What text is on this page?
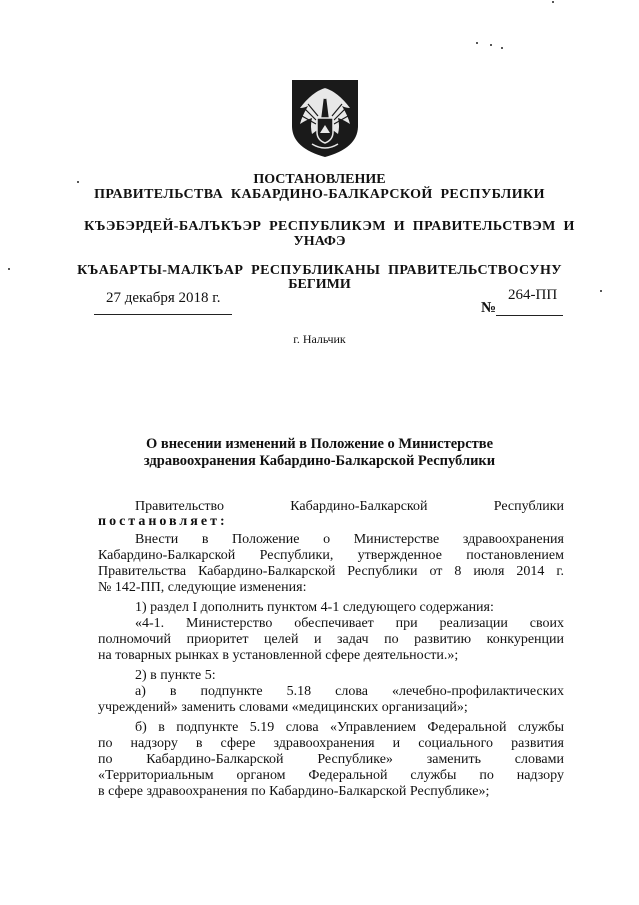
ПОСТАНОВЛЕНИЕ
ПРАВИТЕЛЬСТВА  КАБАРДИНО-БАЛКАРСКОЙ  РЕСПУБЛИКИ
КЪЭБЭРДЕЙ-БАЛЪКЪЭР  РЕСПУБЛИКЭМ  И  ПРАВИТЕЛЬСТВЭМ  И
УНАФЭ
КЪАБАРТЫ-МАЛКЪАР  РЕСПУБЛИКАНЫ  ПРАВИТЕЛЬСТВОСУНУ
БЕГИМИ
27 декабря 2018 г.
№
264-ПП
г. Нальчик
О внесении изменений в Положение о Министерстве
здравоохранения Кабардино-Балкарской Республики
Правительство Кабардино-Балкарской Республики
постановляет:
Внести в Положение о Министерстве здравоохранения
Кабардино-Балкарской Республики, утвержденное постановлением
Правительства Кабардино-Балкарской Республики от 8 июля 2014 г.
№ 142-ПП, следующие изменения:
1) раздел I дополнить пунктом 4-1 следующего содержания:
«4-1. Министерство обеспечивает при реализации своих
полномочий приоритет целей и задач по развитию конкуренции
на товарных рынках в установленной сфере деятельности.»;
2) в пункте 5:
а) в подпункте 5.18 слова «лечебно-профилактических
учреждений» заменить словами «медицинских организаций»;
б) в подпункте 5.19 слова «Управлением Федеральной службы
по надзору в сфере здравоохранения и социального развития
по Кабардино-Балкарской Республике» заменить словами
«Территориальным органом Федеральной службы по надзору
в сфере здравоохранения по Кабардино-Балкарской Республике»;
